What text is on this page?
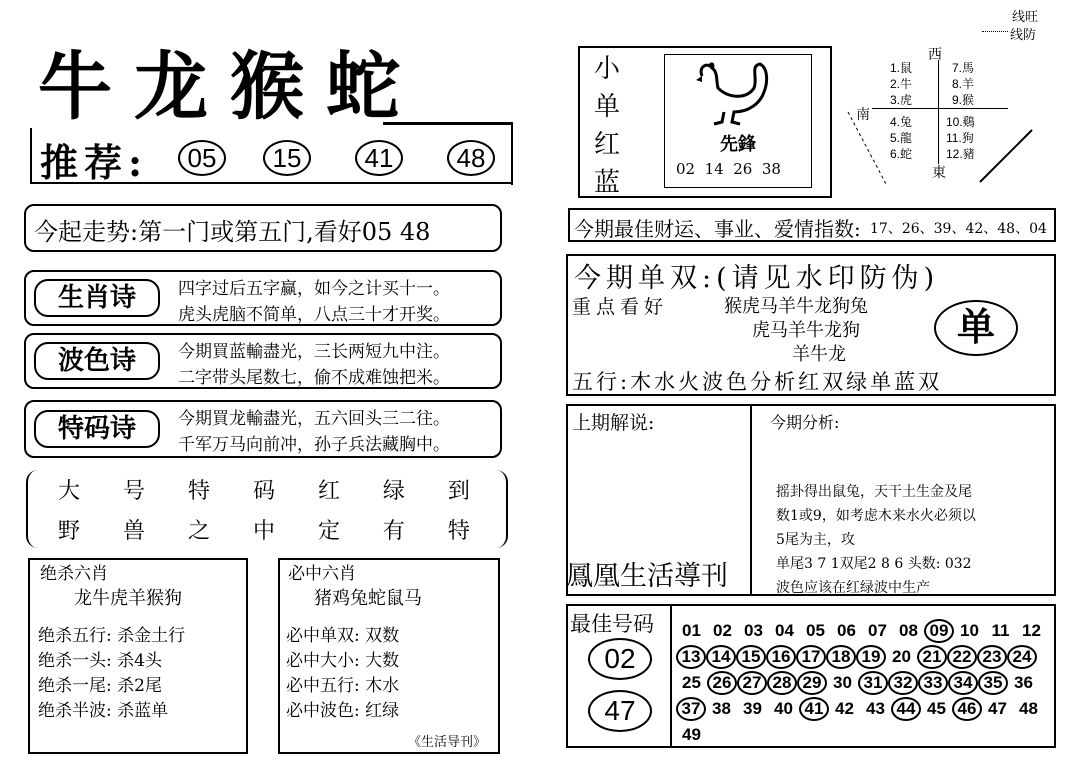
牛龙猴蛇
推荐:	05	15	41	48
今起走势:第一门或第五门,看好05 48
生肖诗	四字过后五字赢，如今之计买十一。
虎头虎脑不简单，八点三十才开奖。
波色诗	今期買蓝輸盡光，三长两短九中注。
二字带头尾数七，偷不成难蚀把米。
特码诗	今期買龙輸盡光，五六回头三二往。
千军万马向前冲，孙子兵法藏胸中。
大 号 特 码 红 绿 到
野 兽 之 中 定 有 特
绝杀六肖
龙牛虎羊猴狗
绝杀五行: 杀金土行
绝杀一头: 杀4头
绝杀一尾: 杀2尾
绝杀半波: 杀蓝单
必中六肖
猪鸡兔蛇鼠马
必中单双: 双数
必中大小: 大数
必中五行: 木水
必中波色: 红绿
《生活导刊》
小
单
红
蓝
先鋒
02  14  26  38
线旺
线防
西
南
東
1.鼠
2.牛
3.虎
4.兔
5.龍
6.蛇
7.馬
8.羊
9.猴
10.鷄
11.狗
12.豬
今期最佳财运、事业、爱情指数: 17、26、39、42、48、04
今期单双:(请见水印防伪)
重点看好	猴虎马羊牛龙狗兔
虎马羊牛龙狗
羊牛龙
单
五行:木水火波色分析红双绿单蓝双
上期解说:	今期分析:
鳳凰生活導刊
摇卦得出鼠兔，天干土生金及尾
数1或9，如考虑木来水火必须以
5尾为主，攻
单尾3 7 1双尾2 8 6 头数: 032
波色应该在红绿波中生产
最佳号码
02
47
01 02 03 04 05 06 07 08 09 10 11 12
13 14 15 16 17 18 19 20 21 22 23 24
25 26 27 28 29 30 31 32 33 34 35 36
37 38 39 40 41 42 43 44 45 46 47 48
49
